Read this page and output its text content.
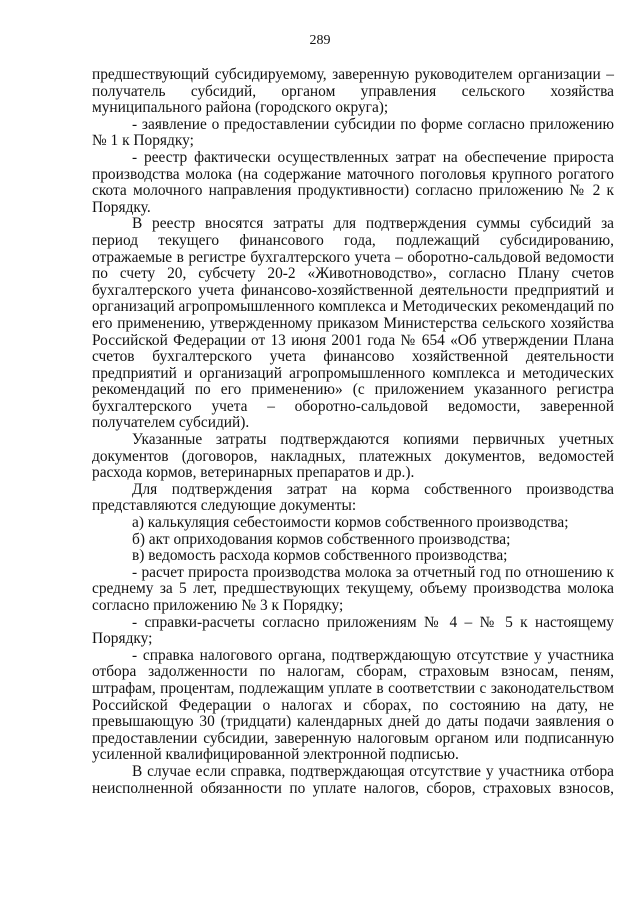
289

предшествующий субсидируемому, заверенную руководителем организации – получатель субсидий, органом управления сельского хозяйства муниципального района (городского округа);

- заявление о предоставлении субсидии по форме согласно приложению № 1 к Порядку;

- реестр фактически осуществленных затрат на обеспечение прироста производства молока (на содержание маточного поголовья крупного рогатого скота молочного направления продуктивности) согласно приложению № 2 к Порядку.

В реестр вносятся затраты для подтверждения суммы субсидий за период текущего финансового года, подлежащий субсидированию, отражаемые в регистре бухгалтерского учета – оборотно-сальдовой ведомости по счету 20, субсчету 20-2 «Животноводство», согласно Плану счетов бухгалтерского учета финансово-хозяйственной деятельности предприятий и организаций агропромышленного комплекса и Методических рекомендаций по его применению, утвержденному приказом Министерства сельского хозяйства Российской Федерации от 13 июня 2001 года № 654 «Об утверждении Плана счетов бухгалтерского учета финансово хозяйственной деятельности предприятий и организаций агропромышленного комплекса и методических рекомендаций по его применению» (с приложением указанного регистра бухгалтерского учета – оборотно-сальдовой ведомости, заверенной получателем субсидий).

Указанные затраты подтверждаются копиями первичных учетных документов (договоров, накладных, платежных документов, ведомостей расхода кормов, ветеринарных препаратов и др.).

Для подтверждения затрат на корма собственного производства представляются следующие документы:

а) калькуляция себестоимости кормов собственного производства;

б) акт оприходования кормов собственного производства;

в) ведомость расхода кормов собственного производства;

- расчет прироста производства молока за отчетный год по отношению к среднему за 5 лет, предшествующих текущему, объему производства молока согласно приложению № 3 к Порядку;

- справки-расчеты согласно приложениям № 4 – № 5 к настоящему Порядку;

- справка налогового органа, подтверждающую отсутствие у участника отбора задолженности по налогам, сборам, страховым взносам, пеням, штрафам, процентам, подлежащим уплате в соответствии с законодательством Российской Федерации о налогах и сборах, по состоянию на дату, не превышающую 30 (тридцати) календарных дней до даты подачи заявления о предоставлении субсидии, заверенную налоговым органом или подписанную усиленной квалифицированной электронной подписью.

В случае если справка, подтверждающая отсутствие у участника отбора неисполненной обязанности по уплате налогов, сборов, страховых взносов,
